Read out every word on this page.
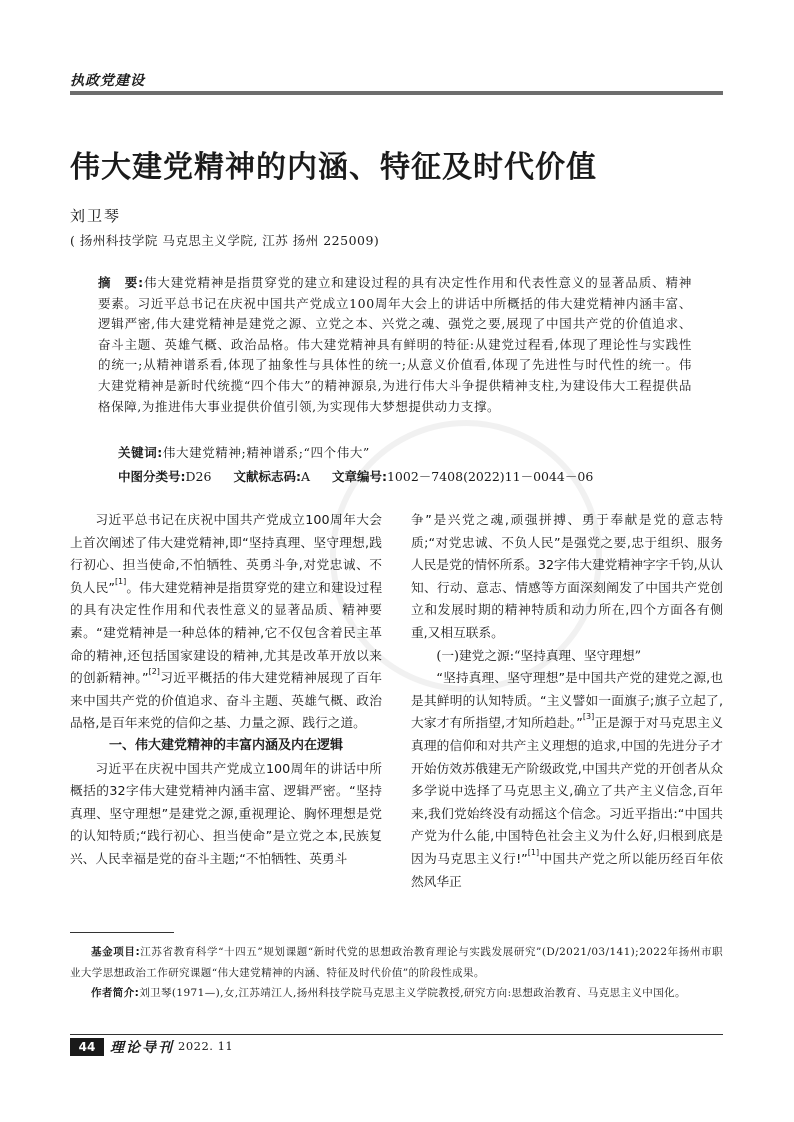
执政党建设
伟大建党精神的内涵、特征及时代价值
刘卫琴
( 扬州科技学院 马克思主义学院, 江苏 扬州 225009)
摘　要:伟大建党精神是指贯穿党的建立和建设过程的具有决定性作用和代表性意义的显著品质、精神要素。习近平总书记在庆祝中国共产党成立100周年大会上的讲话中所概括的伟大建党精神内涵丰富、逻辑严密,伟大建党精神是建党之源、立党之本、兴党之魂、强党之要,展现了中国共产党的价值追求、奋斗主题、英雄气概、政治品格。伟大建党精神具有鲜明的特征:从建党过程看,体现了理论性与实践性的统一;从精神谱系看,体现了抽象性与具体性的统一;从意义价值看,体现了先进性与时代性的统一。伟大建党精神是新时代统揽“四个伟大”的精神源泉,为进行伟大斗争提供精神支柱,为建设伟大工程提供品格保障,为推进伟大事业提供价值引领,为实现伟大梦想提供动力支撑。
关键词:伟大建党精神;精神谱系;“四个伟大”
中图分类号:D26 文献标志码:A 文章编号:1002－7408(2022)11－0044－06

习近平总书记在庆祝中国共产党成立100周年大会上首次阐述了伟大建党精神,即“坚持真理、坚守理想,践行初心、担当使命,不怕牺牲、英勇斗争,对党忠诚、不负人民”[1]。伟大建党精神是指贯穿党的建立和建设过程的具有决定性作用和代表性意义的显著品质、精神要素。“建党精神是一种总体的精神,它不仅包含着民主革命的精神,还包括国家建设的精神,尤其是改革开放以来的创新精神。”[2]习近平概括的伟大建党精神展现了百年来中国共产党的价值追求、奋斗主题、英雄气概、政治品格,是百年来党的信仰之基、力量之源、践行之道。

一、伟大建党精神的丰富内涵及内在逻辑

习近平在庆祝中国共产党成立100周年的讲话中所概括的32字伟大建党精神内涵丰富、逻辑严密。“坚持真理、坚守理想”是建党之源,重视理论、胸怀理想是党的认知特质;“践行初心、担当使命”是立党之本,民族复兴、人民幸福是党的奋斗主题;“不怕牺牲、英勇斗

争”是兴党之魂,顽强拼搏、勇于奉献是党的意志特质;“对党忠诚、不负人民”是强党之要,忠于组织、服务人民是党的情怀所系。32字伟大建党精神字字千钧,从认知、行动、意志、情感等方面深刻阐发了中国共产党创立和发展时期的精神特质和动力所在,四个方面各有侧重,又相互联系。

(一)建党之源:“坚持真理、坚守理想”

“坚持真理、坚守理想”是中国共产党的建党之源,也是其鲜明的认知特质。“主义譬如一面旗子;旗子立起了,大家才有所指望,才知所趋赴。”[3]正是源于对马克思主义真理的信仰和对共产主义理想的追求,中国的先进分子才开始仿效苏俄建无产阶级政党,中国共产党的开创者从众多学说中选择了马克思主义,确立了共产主义信念,百年来,我们党始终没有动摇这个信念。习近平指出:“中国共产党为什么能,中国特色社会主义为什么好,归根到底是因为马克思主义行!”[1]中国共产党之所以能历经百年依然风华正

基金项目:江苏省教育科学“十四五”规划课题“新时代党的思想政治教育理论与实践发展研究”(D/2021/03/141);2022年扬州市职业大学思想政治工作研究课题“伟大建党精神的内涵、特征及时代价值”的阶段性成果。

作者简介:刘卫琴(1971—),女,江苏靖江人,扬州科技学院马克思主义学院教授,研究方向:思想政治教育、马克思主义中国化。

44	理论导刊 2022. 11
